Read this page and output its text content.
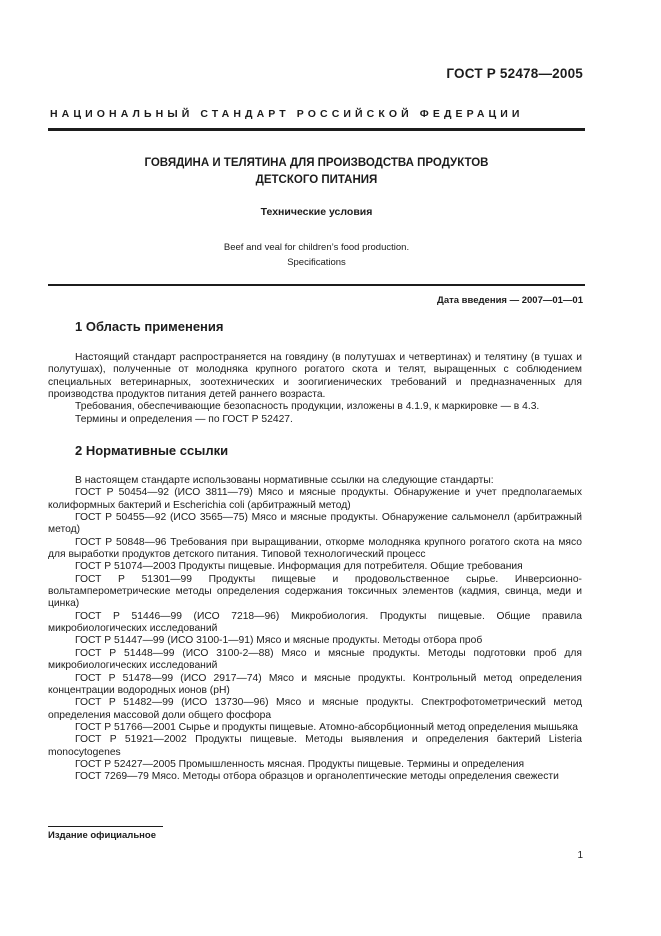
ГОСТ Р 52478—2005
НАЦИОНАЛЬНЫЙ СТАНДАРТ РОССИЙСКОЙ ФЕДЕРАЦИИ
ГОВЯДИНА И ТЕЛЯТИНА ДЛЯ ПРОИЗВОДСТВА ПРОДУКТОВ
ДЕТСКОГО ПИТАНИЯ
Технические условия
Beef and veal for children’s food production.
Specifications
Дата введения — 2007—01—01
1 Область применения
Настоящий стандарт распространяется на говядину (в полутушах и четвертинах) и телятину (в тушах и полутушах), полученные от молодняка крупного рогатого скота и телят, выращенных с соблюдением специальных ветеринарных, зоотехнических и зоогигиенических требований и предназначенных для производства продуктов питания детей раннего возраста.
Требования, обеспечивающие безопасность продукции, изложены в 4.1.9, к маркировке — в 4.3.
Термины и определения — по ГОСТ Р 52427.
2 Нормативные ссылки
В настоящем стандарте использованы нормативные ссылки на следующие стандарты:
ГОСТ Р 50454—92 (ИСО 3811—79) Мясо и мясные продукты. Обнаружение и учет предполагаемых колиформных бактерий и Escherichia coli (арбитражный метод)
ГОСТ Р 50455—92 (ИСО 3565—75) Мясо и мясные продукты. Обнаружение сальмонелл (арбитражный метод)
ГОСТ Р 50848—96 Требования при выращивании, откорме молодняка крупного рогатого скота на мясо для выработки продуктов детского питания. Типовой технологический процесс
ГОСТ Р 51074—2003 Продукты пищевые. Информация для потребителя. Общие требования
ГОСТ Р 51301—99 Продукты пищевые и продовольственное сырье. Инверсионно-вольтамперометрические методы определения содержания токсичных элементов (кадмия, свинца, меди и цинка)
ГОСТ Р 51446—99 (ИСО 7218—96) Микробиология. Продукты пищевые. Общие правила микробиологических исследований
ГОСТ Р 51447—99 (ИСО 3100-1—91) Мясо и мясные продукты. Методы отбора проб
ГОСТ Р 51448—99 (ИСО 3100-2—88) Мясо и мясные продукты. Методы подготовки проб для микробиологических исследований
ГОСТ Р 51478—99 (ИСО 2917—74) Мясо и мясные продукты. Контрольный метод определения концентрации водородных ионов (pH)
ГОСТ Р 51482—99 (ИСО 13730—96) Мясо и мясные продукты. Спектрофотометрический метод определения массовой доли общего фосфора
ГОСТ Р 51766—2001 Сырье и продукты пищевые. Атомно-абсорбционный метод определения мышьяка
ГОСТ Р 51921—2002 Продукты пищевые. Методы выявления и определения бактерий Listeria monocytogenes
ГОСТ Р 52427—2005 Промышленность мясная. Продукты пищевые. Термины и определения
ГОСТ 7269—79 Мясо. Методы отбора образцов и органолептические методы определения свежести
Издание официальное
1
